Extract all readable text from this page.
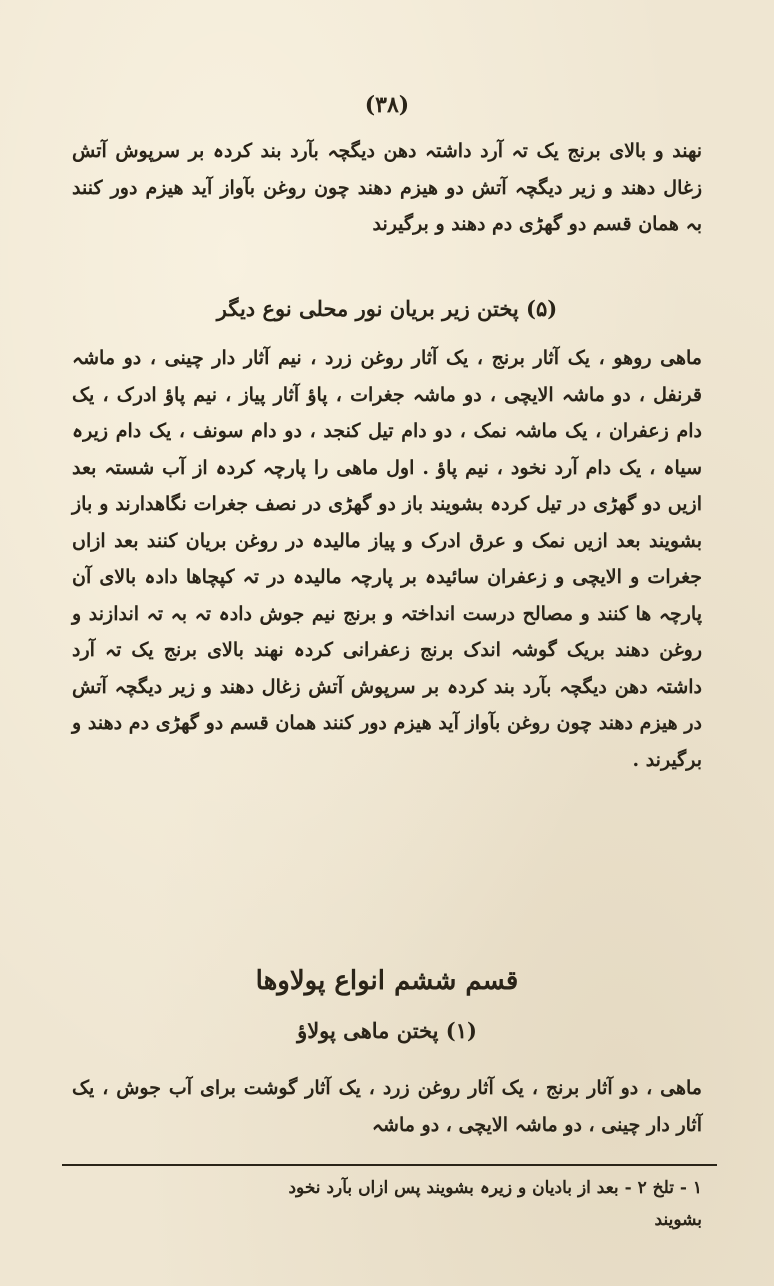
(۳۸)
نهند و بالای برنج یک تہ آرد داشتہ دھن دیگچہ بآرد بند کردہ بر سرپوش آتش زغال دھند و زیر دیگچہ آتش دو ھیزم دھند چون روغن بآواز آید ھیزم دور کنند بہ ھمان قسم دو گھڑی دم دھند و برگیرند
(۵) پختن زیر بریان نور محلی نوع دیگر
ماھی روھو ، یک آثار برنج ، یک آثار روغن زرد ، نیم آثار دار چینی ، دو ماشہ قرنفل ، دو ماشہ الایچی ، دو ماشہ جغرات ، پاؤ آثار پیاز ، نیم پاؤ ادرک ، یک دام زعفران ، یک ماشہ نمک ، دو دام تیل کنجد ، دو دام سونف ، یک دام زیرہ سیاہ ، یک دام آرد نخود ، نیم پاؤ . اول ماھی را پارچہ کردہ از آب شستہ بعد ازیں دو گھڑی در تیل کردہ بشویند باز دو گھڑی در نصف جغرات نگاھدارند و باز بشویند بعد ازیں نمک و عرق ادرک و پیاز مالیدہ در روغن بریان کنند بعد ازاں جغرات و الایچی و زعفران سائیدہ بر پارچہ مالیدہ در تہ کپچاھا دادہ بالای آن پارچہ ھا کنند و مصالح درست انداختہ و برنج نیم جوش دادہ تہ بہ تہ اندازند و روغن دھند بریک گوشہ اندک برنج زعفرانی کردہ نهند بالای برنج یک تہ آرد داشتہ دھن دیگچہ بآرد بند کردہ بر سرپوش آتش زغال دھند و زیر دیگچہ آتش در ھیزم دھند چون روغن بآواز آید ھیزم دور کنند ھمان قسم دو گھڑی دم دھند و برگیرند .
قسم ششم انواع پولاوھا
(۱) پختن ماھی پولاؤ
ماھی ، دو آثار برنج ، یک آثار روغن زرد ، یک آثار گوشت برای آب جوش ، یک آثار دار چینی ، دو ماشہ الایچی ، دو ماشہ
۱ - تلخ ۲ - بعد از بادیان و زیرہ بشویند پس ازاں بآرد نخود
بشویند
